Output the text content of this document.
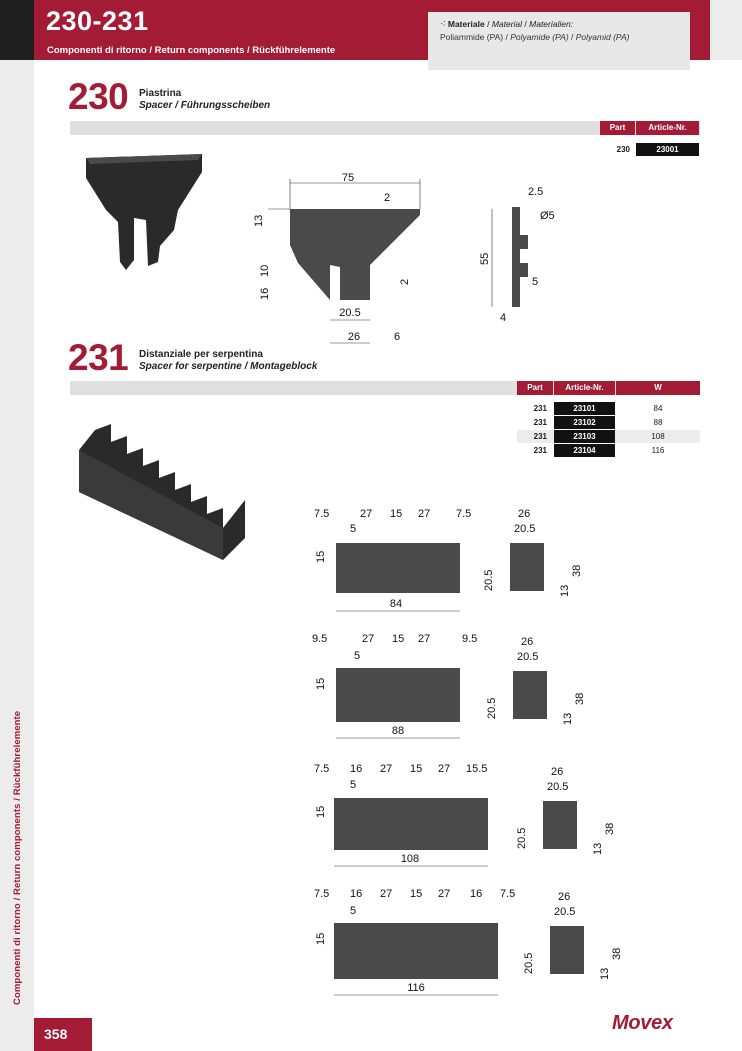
Componenti di ritorno / Return components / Rückführelemente
230-231
Componenti di ritorno / Return components / Rückführelemente
⁖ Materiale / Material / Materialien:
Poliammide (PA) / Polyamide (PA) / Polyamid (PA)
230 Piastrina
Spacer / Führungsscheiben
Part	Article-Nr.
230	23001
75
2
13
10
16
2
20.5
26	6
2.5
Ø5
55
5
4
231 Distanziale per serpentina
Spacer for serpentine / Montageblock
Part	Article-Nr.	W
231	23101	84
231	23102	88
231	23103	108
231	23104	116
7.5	27 15 27 7.5
5
15
84
9.5	27 15 27	9.5
5
15
88
7.5 16 27 15 27 15.5
5
15
108
7.5 16 27 15 27 16 7.5
5
15
116
26
20.5
20.5	13
38
26
20.5
20.5	13
38
26
20.5
20.5	13
38
26
20.5
20.5	13
38
358	Movex
